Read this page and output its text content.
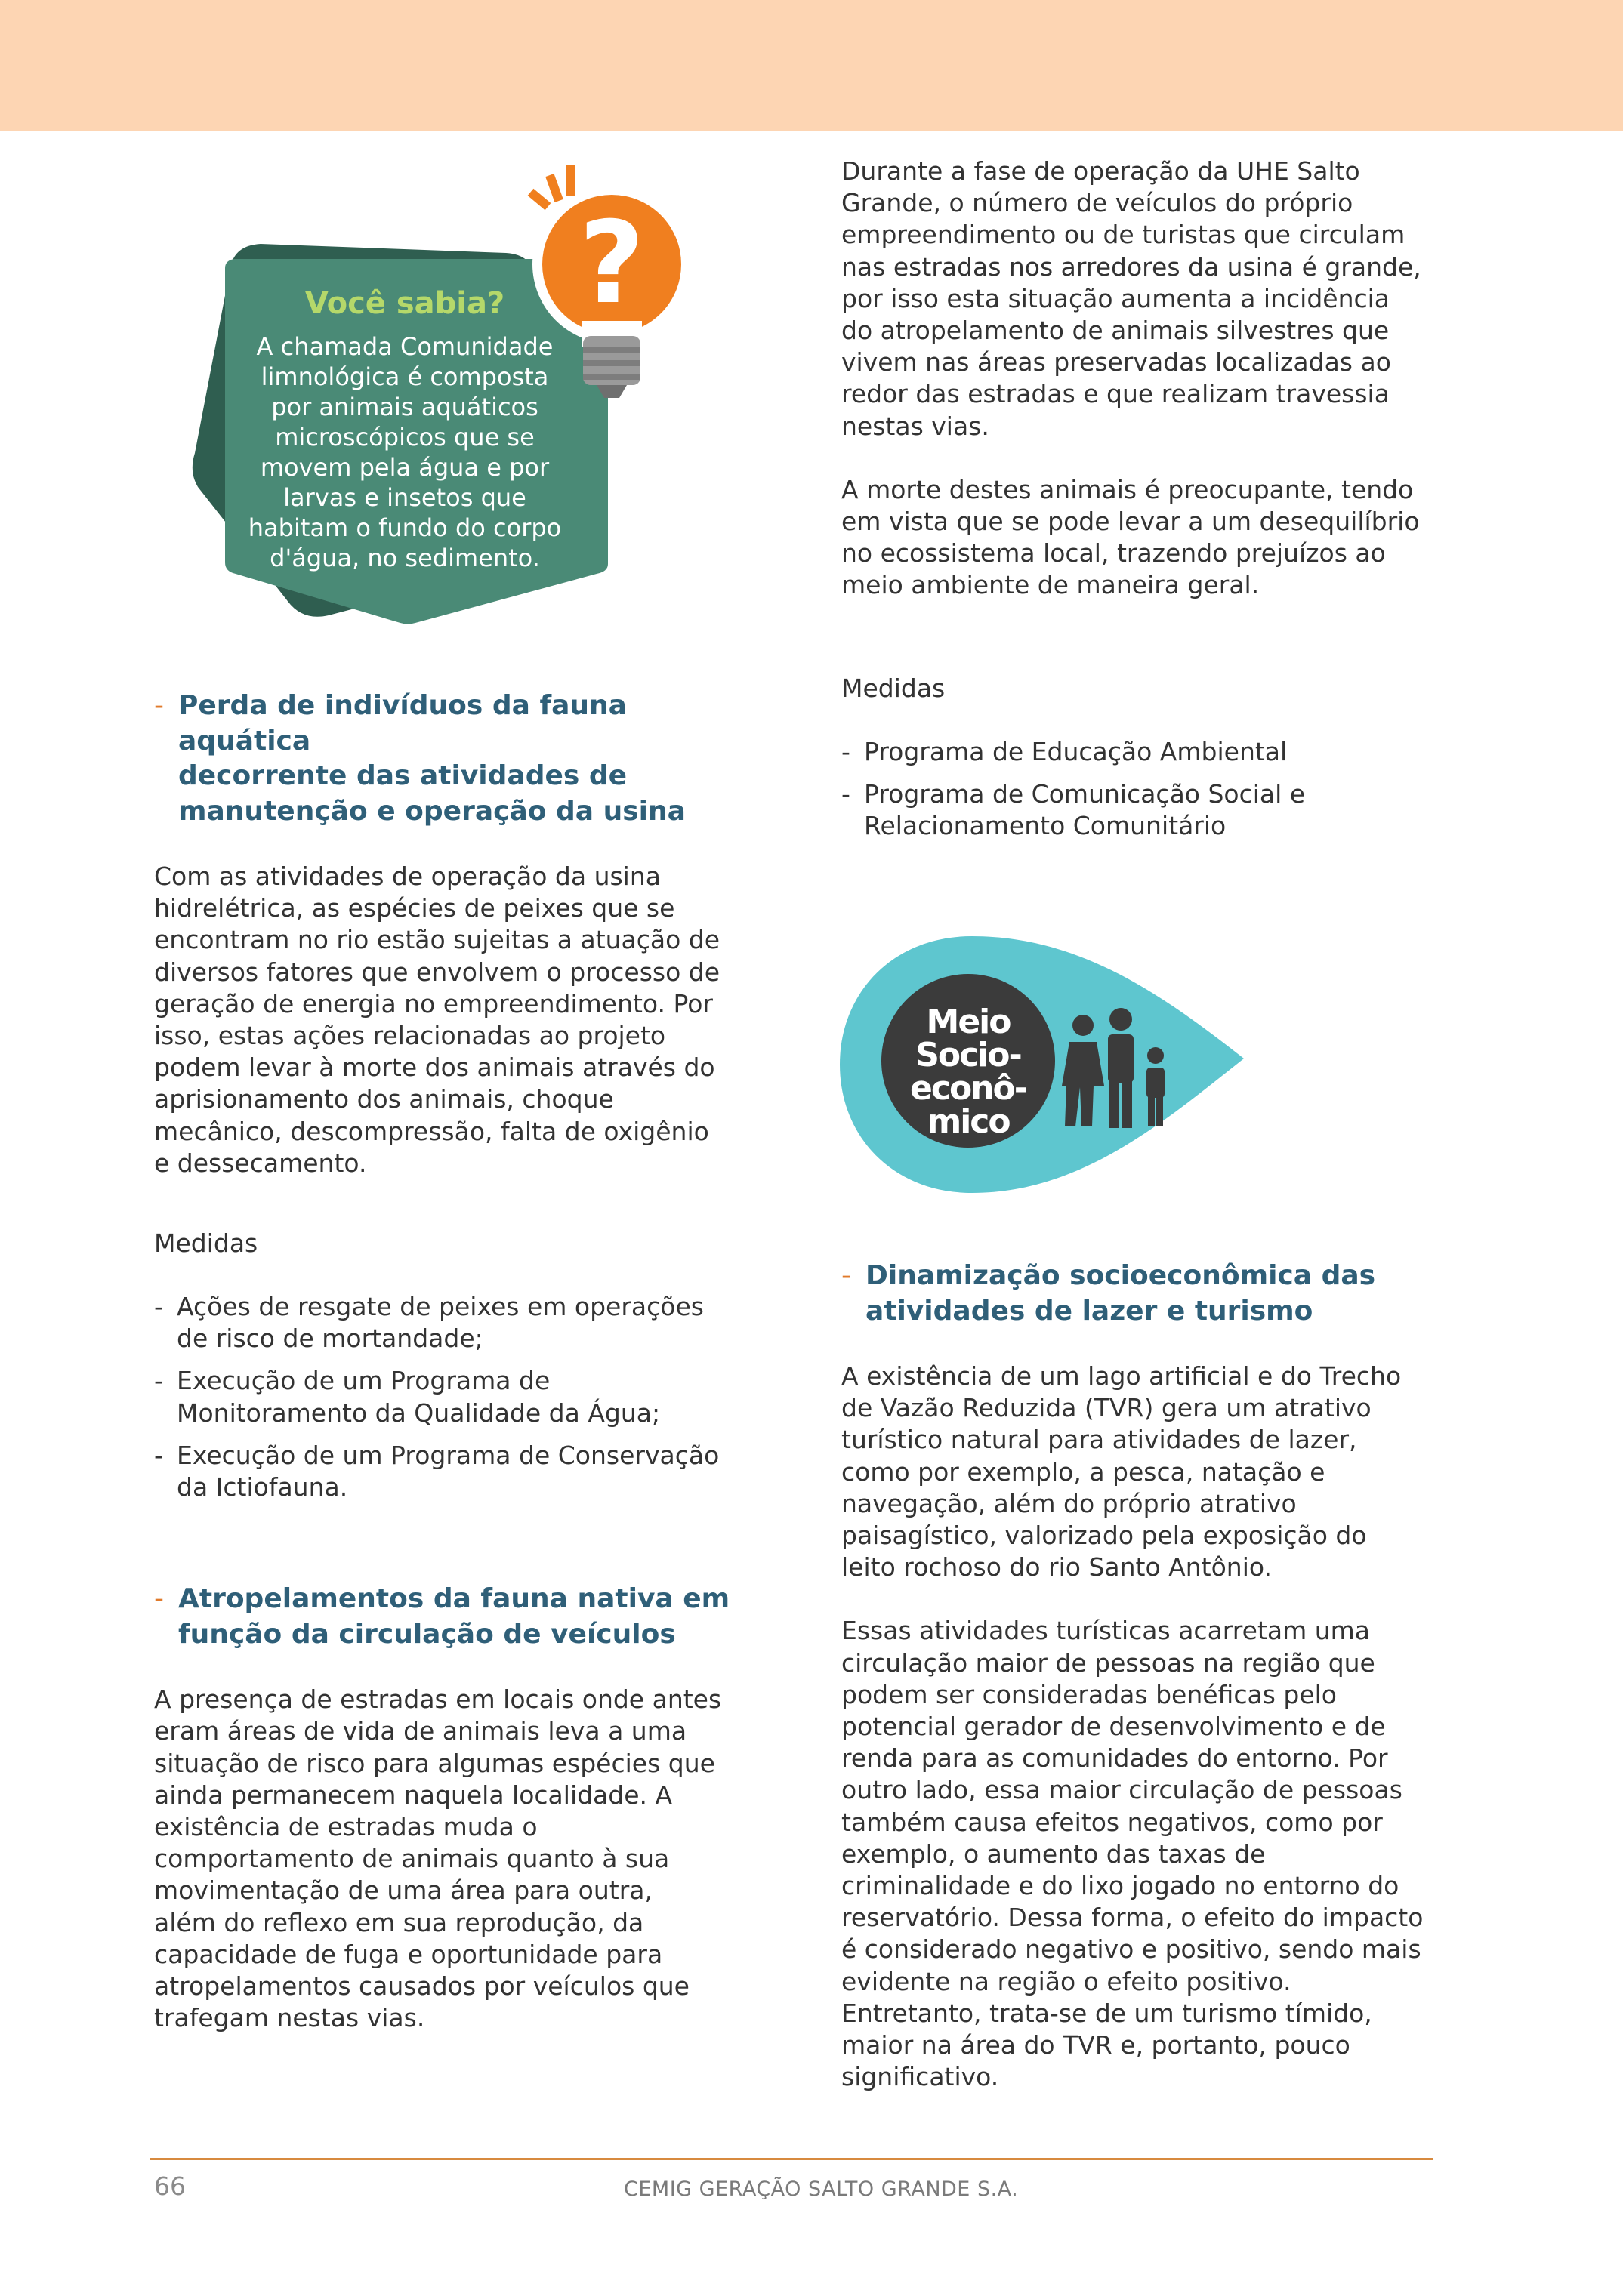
?
Você sabia?
A chamada Comunidade limnológica é composta por animais aquáticos microscópicos que se movem pela água e por larvas e insetos que habitam o fundo do corpo d'água, no sedimento.
- Perda de indivíduos da fauna aquática
decorrente das atividades de
manutenção e operação da usina

Com as atividades de operação da usina
hidrelétrica, as espécies de peixes que se
encontram no rio estão sujeitas a atuação de
diversos fatores que envolvem o processo de
geração de energia no empreendimento. Por
isso, estas ações relacionadas ao projeto
podem levar à morte dos animais através do
aprisionamento dos animais, choque
mecânico, descompressão, falta de oxigênio
e dessecamento.

Medidas

- Ações de resgate de peixes em operações
de risco de mortandade;
- Execução de um Programa de
Monitoramento da Qualidade da Água;
- Execução de um Programa de Conservação
da Ictiofauna.
- Atropelamentos da fauna nativa em
função da circulação de veículos

A presença de estradas em locais onde antes
eram áreas de vida de animais leva a uma
situação de risco para algumas espécies que
ainda permanecem naquela localidade. A
existência de estradas muda o
comportamento de animais quanto à sua
movimentação de uma área para outra,
além do reflexo em sua reprodução, da
capacidade de fuga e oportunidade para
atropelamentos causados por veículos que
trafegam nestas vias.

Durante a fase de operação da UHE Salto
Grande, o número de veículos do próprio
empreendimento ou de turistas que circulam
nas estradas nos arredores da usina é grande,
por isso esta situação aumenta a incidência
do atropelamento de animais silvestres que
vivem nas áreas preservadas localizadas ao
redor das estradas e que realizam travessia
nestas vias.

A morte destes animais é preocupante, tendo
em vista que se pode levar a um desequilíbrio
no ecossistema local, trazendo prejuízos ao
meio ambiente de maneira geral.

Medidas

- Programa de Educação Ambiental
- Programa de Comunicação Social e
Relacionamento Comunitário
Meio Socio-econô-mico
- Dinamização socioeconômica das
atividades de lazer e turismo

A existência de um lago artificial e do Trecho
de Vazão Reduzida (TVR) gera um atrativo
turístico natural para atividades de lazer,
como por exemplo, a pesca, natação e
navegação, além do próprio atrativo
paisagístico, valorizado pela exposição do
leito rochoso do rio Santo Antônio.

Essas atividades turísticas acarretam uma
circulação maior de pessoas na região que
podem ser consideradas benéficas pelo
potencial gerador de desenvolvimento e de
renda para as comunidades do entorno. Por
outro lado, essa maior circulação de pessoas
também causa efeitos negativos, como por
exemplo, o aumento das taxas de
criminalidade e do lixo jogado no entorno do
reservatório. Dessa forma, o efeito do impacto
é considerado negativo e positivo, sendo mais
evidente na região o efeito positivo.
Entretanto, trata-se de um turismo tímido,
maior na área do TVR e, portanto, pouco
significativo.

66	CEMIG GERAÇÃO SALTO GRANDE S.A.
